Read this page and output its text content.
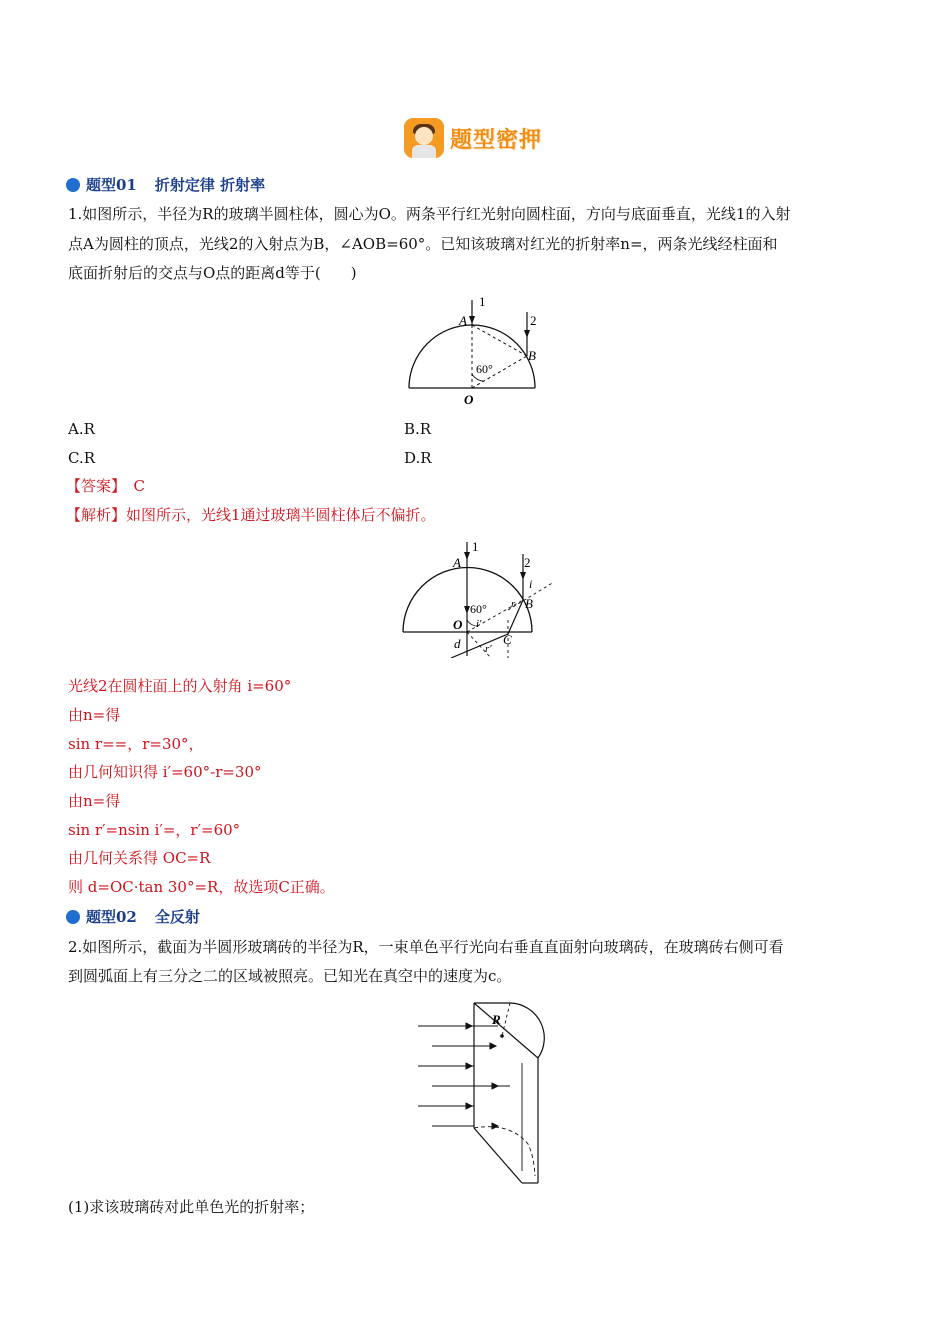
题型密押
题型01 折射定律 折射率
1.如图所示，半径为R的玻璃半圆柱体，圆心为O。两条平行红光射向圆柱面，方向与底面垂直，光线1的入射
点A为圆柱的顶点，光线2的入射点为B，∠AOB=60°。已知该玻璃对红光的折射率n=，两条光线经柱面和
底面折射后的交点与O点的距离d等于(　　)
1
2
A
B
O
60°
A.R	B.R
C.R	D.R
【答案】　C
【解析】如图所示，光线1通过玻璃半圆柱体后不偏折。
1
2
A
B
O
C
d
i
r
i′
r′
60°
光线2在圆柱面上的入射角 i=60°
由n=得
sin r==，r=30°，
由几何知识得 i′=60°-r=30°
由n=得
sin r′=nsin i′=，r′=60°
由几何关系得 OC=R
则 d=OC·tan 30°=R，故选项C正确。
题型02 全反射
2.如图所示，截面为半圆形玻璃砖的半径为R，一束单色平行光向右垂直直面射向玻璃砖，在玻璃砖右侧可看
到圆弧面上有三分之二的区域被照亮。已知光在真空中的速度为c。
R
(1)求该玻璃砖对此单色光的折射率；
